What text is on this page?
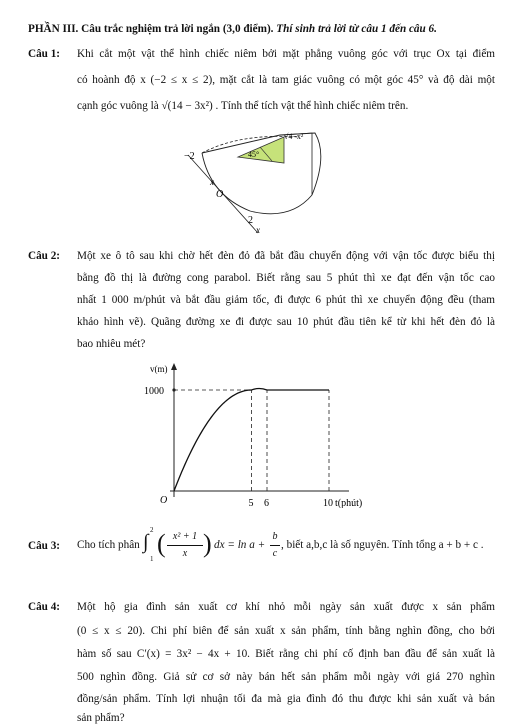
PHẦN III. Câu trắc nghiệm trả lời ngắn (3,0 điểm). Thí sinh trả lời từ câu 1 đến câu 6.
Câu 1: Khi cắt một vật thể hình chiếc niêm bởi mặt phẳng vuông góc với trục Ox tại điểm
có hoành độ x (−2 ≤ x ≤ 2), mặt cắt là tam giác vuông có một góc 45° và độ dài một
cạnh góc vuông là √(14 − 3x²) . Tính thể tích vật thể hình chiếc niêm trên.
−2
x
O
2
x
45°
√4−x²
Câu 2: Một xe ô tô sau khi chờ hết đèn đỏ đã bắt đầu chuyển động với vận tốc được biểu thị
bằng đồ thị là đường cong parabol. Biết rằng sau 5 phút thì xe đạt đến vận tốc cao
nhất 1 000 m/phút và bắt đầu giảm tốc, đi được 6 phút thì xe chuyển động đều (tham
khảo hình vẽ). Quãng đường xe đi được sau 10 phút đầu tiên kể từ khi hết đèn đỏ là
bao nhiêu mét?
v(m)
t(phút)
O
1000
5 6	10
Câu 3: Cho tích phân ∫
2
1
( x² + 1
x ) dx = ln a +
b
c
, biết a,b,c là số nguyên. Tính tổng a + b + c .
Câu 4: Một hộ gia đình sản xuất cơ khí nhỏ mỗi ngày sản xuất được x sản phẩm
(0 ≤ x ≤ 20). Chi phí biên để sản xuất x sản phẩm, tính bằng nghìn đồng, cho bởi
hàm số sau C′(x) = 3x² − 4x + 10. Biết rằng chi phí cố định ban đầu để sản xuất là
500 nghìn đồng. Giả sử cơ sở này bán hết sản phẩm mỗi ngày với giá 270 nghìn
đồng/sản phẩm. Tính lợi nhuận tối đa mà gia đình đó thu được khi sản xuất và bán
sản phẩm?
